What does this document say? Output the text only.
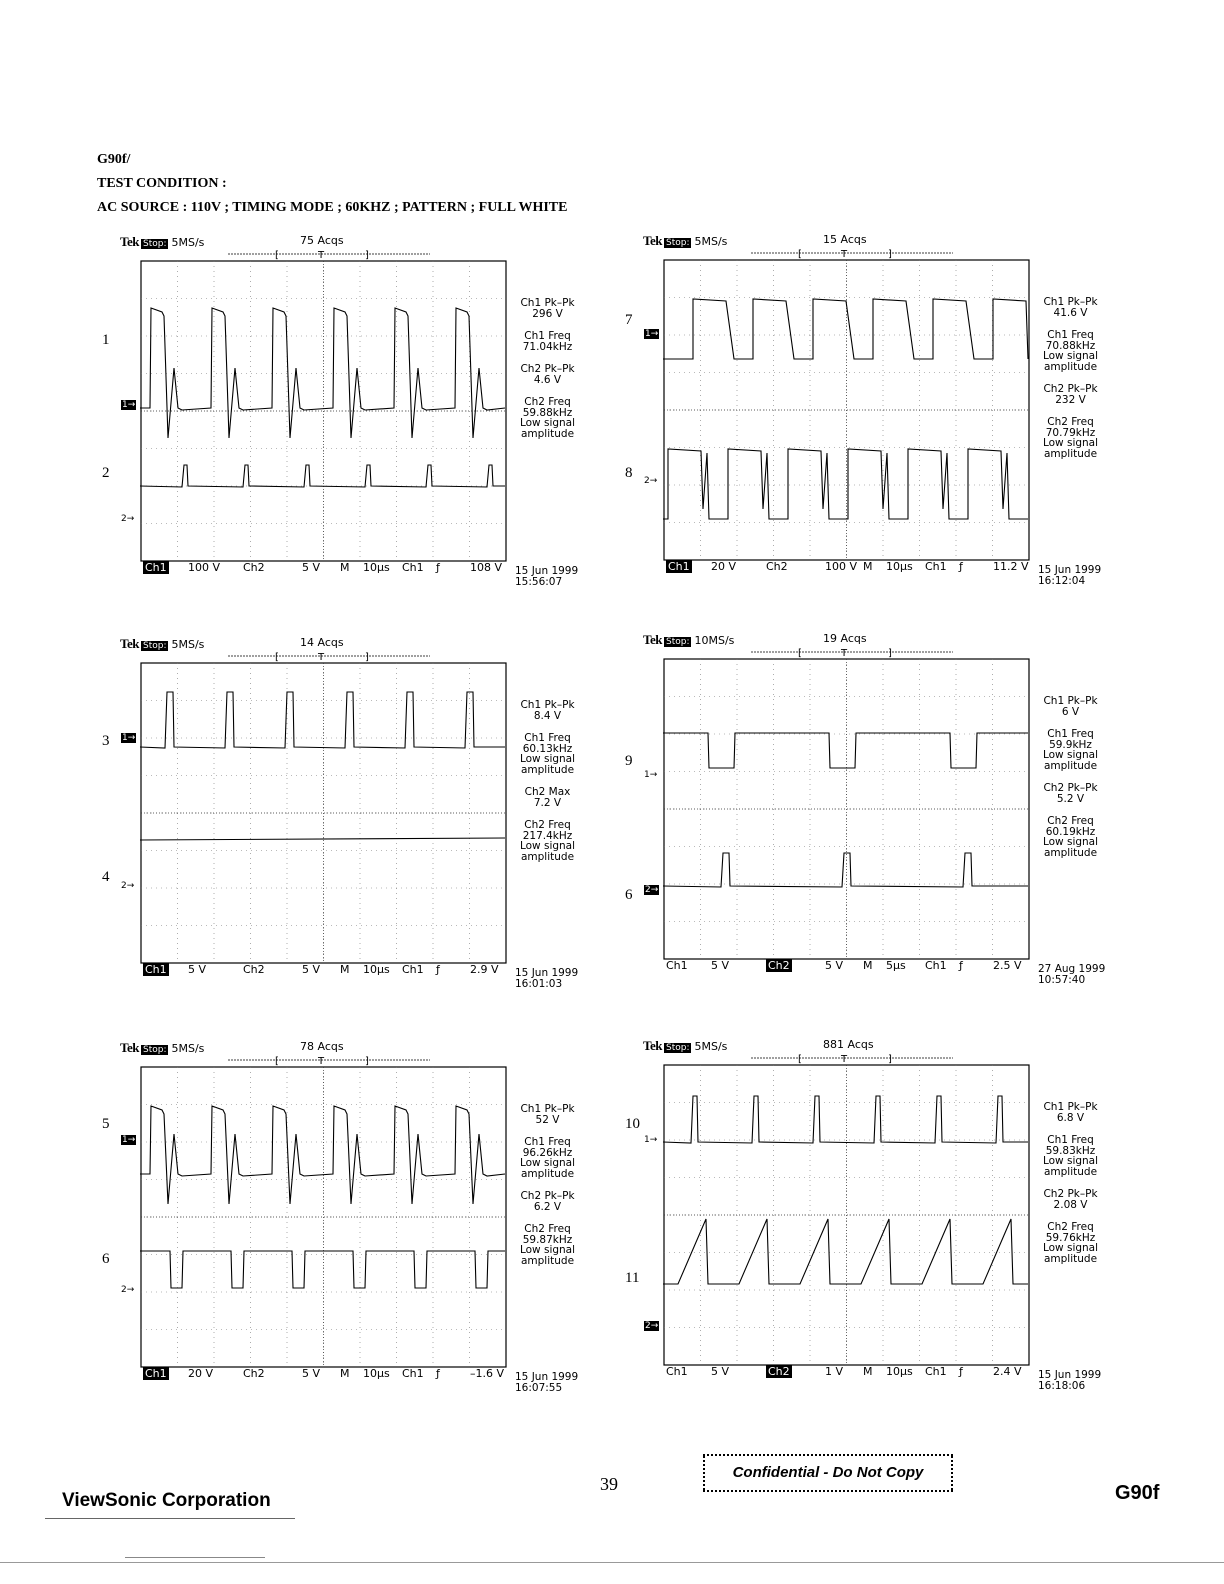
G90f/
TEST CONDITION :
AC SOURCE : 110V ; TIMING MODE ; 60KHZ ; PATTERN ; FULL WHITE
Tek Stop: 5MS/s	75 Acqs
[	T	]
Ch1 100 V Ch2	5 V M 10μs Ch1 ƒ	108 V
Ch1 Pk–Pk
296 V
Ch1 Freq
71.04kHz
Ch2 Pk–Pk
4.6 V
Ch2 Freq
59.88kHz
Low signal
amplitude
15 Jun 1999
15:56:07
1
2
1→
2→
Tek Stop: 5MS/s	15 Acqs
[	T	]
Ch1 20 V	Ch2	100 V M 10μs Ch1 ƒ	11.2 V
Ch1 Pk–Pk
41.6 V
Ch1 Freq
70.88kHz
Low signal
amplitude
Ch2 Pk–Pk
232 V
Ch2 Freq
70.79kHz
Low signal
amplitude
15 Jun 1999
16:12:04
7
8
1→
2→
Tek Stop: 5MS/s	14 Acqs
[	T	]
Ch1 5 V	Ch2	5 V M 10μs Ch1 ƒ	2.9 V
Ch1 Pk–Pk
8.4 V
Ch1 Freq
60.13kHz
Low signal
amplitude
Ch2 Max
7.2 V
Ch2 Freq
217.4kHz
Low signal
amplitude
15 Jun 1999
16:01:03
3
4
1→
2→
Tek Stop: 10MS/s	19 Acqs
[	T	]
Ch1 5 V	Ch2	5 V M 5μs Ch1 ƒ	2.5 V
Ch1 Pk–Pk
6 V
Ch1 Freq
59.9kHz
Low signal
amplitude
Ch2 Pk–Pk
5.2 V
Ch2 Freq
60.19kHz
Low signal
amplitude
27 Aug 1999
10:57:40
9
6
1→
2→
Tek Stop: 5MS/s	78 Acqs
[	T	]
Ch1 20 V	Ch2	5 V M 10μs Ch1 ƒ	–1.6 V
Ch1 Pk–Pk
52 V
Ch1 Freq
96.26kHz
Low signal
amplitude
Ch2 Pk–Pk
6.2 V
Ch2 Freq
59.87kHz
Low signal
amplitude
15 Jun 1999
16:07:55
5
6
1→
2→
Tek Stop: 5MS/s	881 Acqs
[	T	]
Ch1 5 V	Ch2	1 V M 10μs Ch1 ƒ	2.4 V
Ch1 Pk–Pk
6.8 V
Ch1 Freq
59.83kHz
Low signal
amplitude
Ch2 Pk–Pk
2.08 V
Ch2 Freq
59.76kHz
Low signal
amplitude
15 Jun 1999
16:18:06
10
11
1→
2→
39
Confidential - Do Not Copy
ViewSonic Corporation	G90f
